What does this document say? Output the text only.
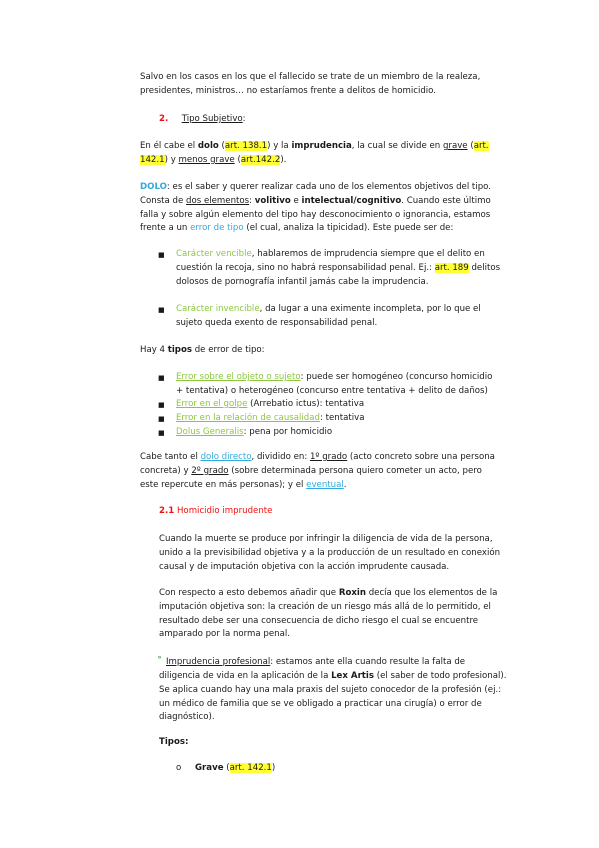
Salvo en los casos en los que el fallecido se trate de un miembro de la realeza,
presidentes, ministros… no estaríamos frente a delitos de homicidio.
2. Tipo Subjetivo:
En él cabe el dolo (art. 138.1) y la imprudencia, la cual se divide en grave (art.
142.1) y menos grave (art.142.2).
DOLO: es el saber y querer realizar cada uno de los elementos objetivos del tipo.
Consta de dos elementos: volitivo e intelectual/cognitivo. Cuando este último
falla y sobre algún elemento del tipo hay desconocimiento o ignorancia, estamos
frente a un error de tipo (el cual, analiza la tipicidad). Este puede ser de:
■ Carácter vencible, hablaremos de imprudencia siempre que el delito en
cuestión la recoja, sino no habrá responsabilidad penal. Ej.: art. 189 delitos
dolosos de pornografía infantil jamás cabe la imprudencia.
■ Carácter invencible, da lugar a una eximente incompleta, por lo que el
sujeto queda exento de responsabilidad penal.
Hay 4 tipos de error de tipo:
■ Error sobre el objeto o sujeto: puede ser homogéneo (concurso homicidio
+ tentativa) o heterogéneo (concurso entre tentativa + delito de daños)
■ Error en el golpe (Arrebatio ictus): tentativa
■ Error en la relación de causalidad: tentativa
■ Dolus Generalis: pena por homicidio
Cabe tanto el dolo directo, dividido en: 1º grado (acto concreto sobre una persona
concreta) y 2º grado (sobre determinada persona quiero cometer un acto, pero
este repercute en más personas); y el eventual.
2.1 Homicidio imprudente
Cuando la muerte se produce por infringir la diligencia de vida de la persona,
unido a la previsibilidad objetiva y a la producción de un resultado en conexión
causal y de imputación objetiva con la acción imprudente causada.
Con respecto a esto debemos añadir que Roxin decía que los elementos de la
imputación objetiva son: la creación de un riesgo más allá de lo permitido, el
resultado debe ser una consecuencia de dicho riesgo el cual se encuentre
amparado por la norma penal.
⁰ Imprudencia profesional: estamos ante ella cuando resulte la falta de
diligencia de vida en la aplicación de la Lex Artis (el saber de todo profesional).
Se aplica cuando hay una mala praxis del sujeto conocedor de la profesión (ej.:
un médico de familia que se ve obligado a practicar una cirugía) o error de
diagnóstico).
Tipos:
o Grave (art. 142.1)
